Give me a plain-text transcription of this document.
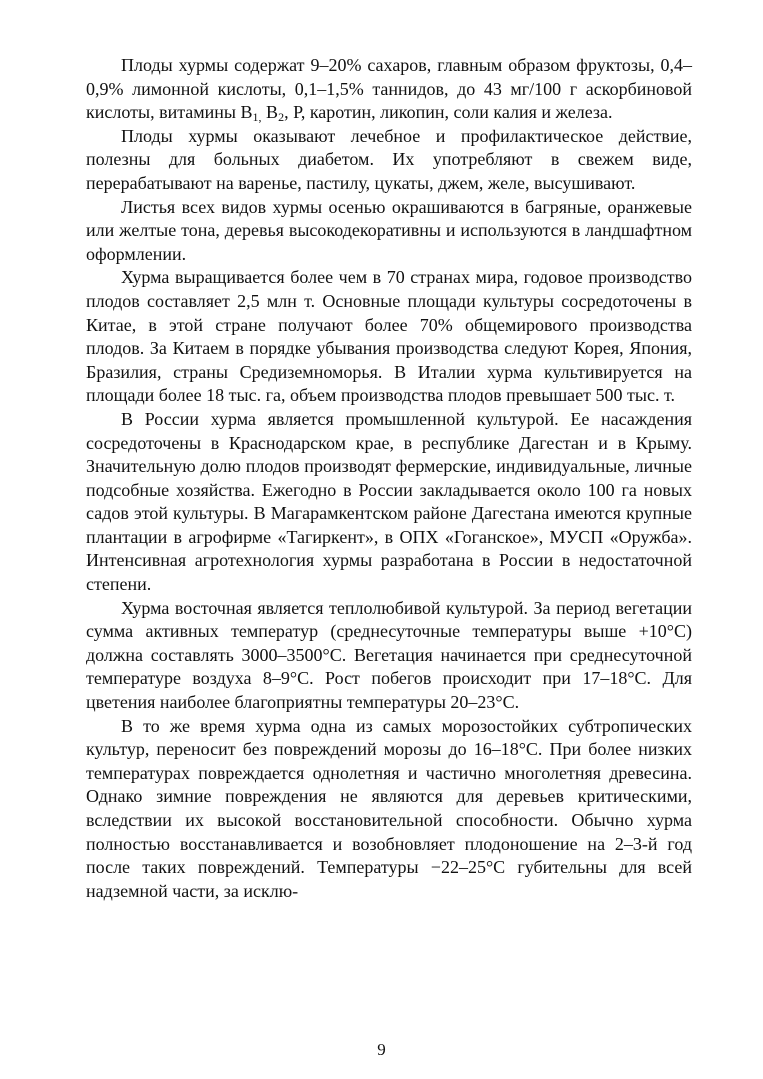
Плоды хурмы содержат 9–20% сахаров, главным образом фруктозы, 0,4–0,9% лимонной кислоты, 0,1–1,5% таннидов, до 43 мг/100 г аскорбиновой кислоты, витамины $B_{1,}$ $B_2$, Р, каротин, ликопин, соли калия и железа.

Плоды хурмы оказывают лечебное и профилактическое действие, полезны для больных диабетом. Их употребляют в свежем виде, перерабатывают на варенье, пастилу, цукаты, джем, желе, высушивают.

Листья всех видов хурмы осенью окрашиваются в багряные, оранжевые или желтые тона, деревья высокодекоративны и используются в ландшафтном оформлении.

Хурма выращивается более чем в 70 странах мира, годовое производство плодов составляет 2,5 млн т. Основные площади культуры сосредоточены в Китае, в этой стране получают более 70% общемирового производства плодов. За Китаем в порядке убывания производства следуют Корея, Япония, Бразилия, страны Средиземноморья. В Италии хурма культивируется на площади более 18 тыс. га, объем производства плодов превышает 500 тыс. т.

В России хурма является промышленной культурой. Ее насаждения сосредоточены в Краснодарском крае, в республике Дагестан и в Крыму. Значительную долю плодов производят фермерские, индивидуальные, личные подсобные хозяйства. Ежегодно в России закладывается около 100 га новых садов этой культуры. В Магарамкентском районе Дагестана имеются крупные плантации в агрофирме «Тагиркент», в ОПХ «Гоганское», МУСП «Оружба». Интенсивная агротехнология хурмы разработана в России в недостаточной степени.

Хурма восточная является теплолюбивой культурой. За период вегетации сумма активных температур (среднесуточные температуры выше +10°С) должна составлять 3000–3500°С. Вегетация начинается при среднесуточной температуре воздуха 8–9°С. Рост побегов происходит при 17–18°С. Для цветения наиболее благоприятны температуры 20–23°С.

В то же время хурма одна из самых морозостойких субтропических культур, переносит без повреждений морозы до 16–18°С. При более низких температурах повреждается однолетняя и частично многолетняя древесина. Однако зимние повреждения не являются для деревьев критическими, вследствии их высокой восстановительной способности. Обычно хурма полностью восстанавливается и возобновляет плодоношение на 2–3-й год после таких повреждений. Температуры −22–25°С губительны для всей надземной части, за исклю-

9
